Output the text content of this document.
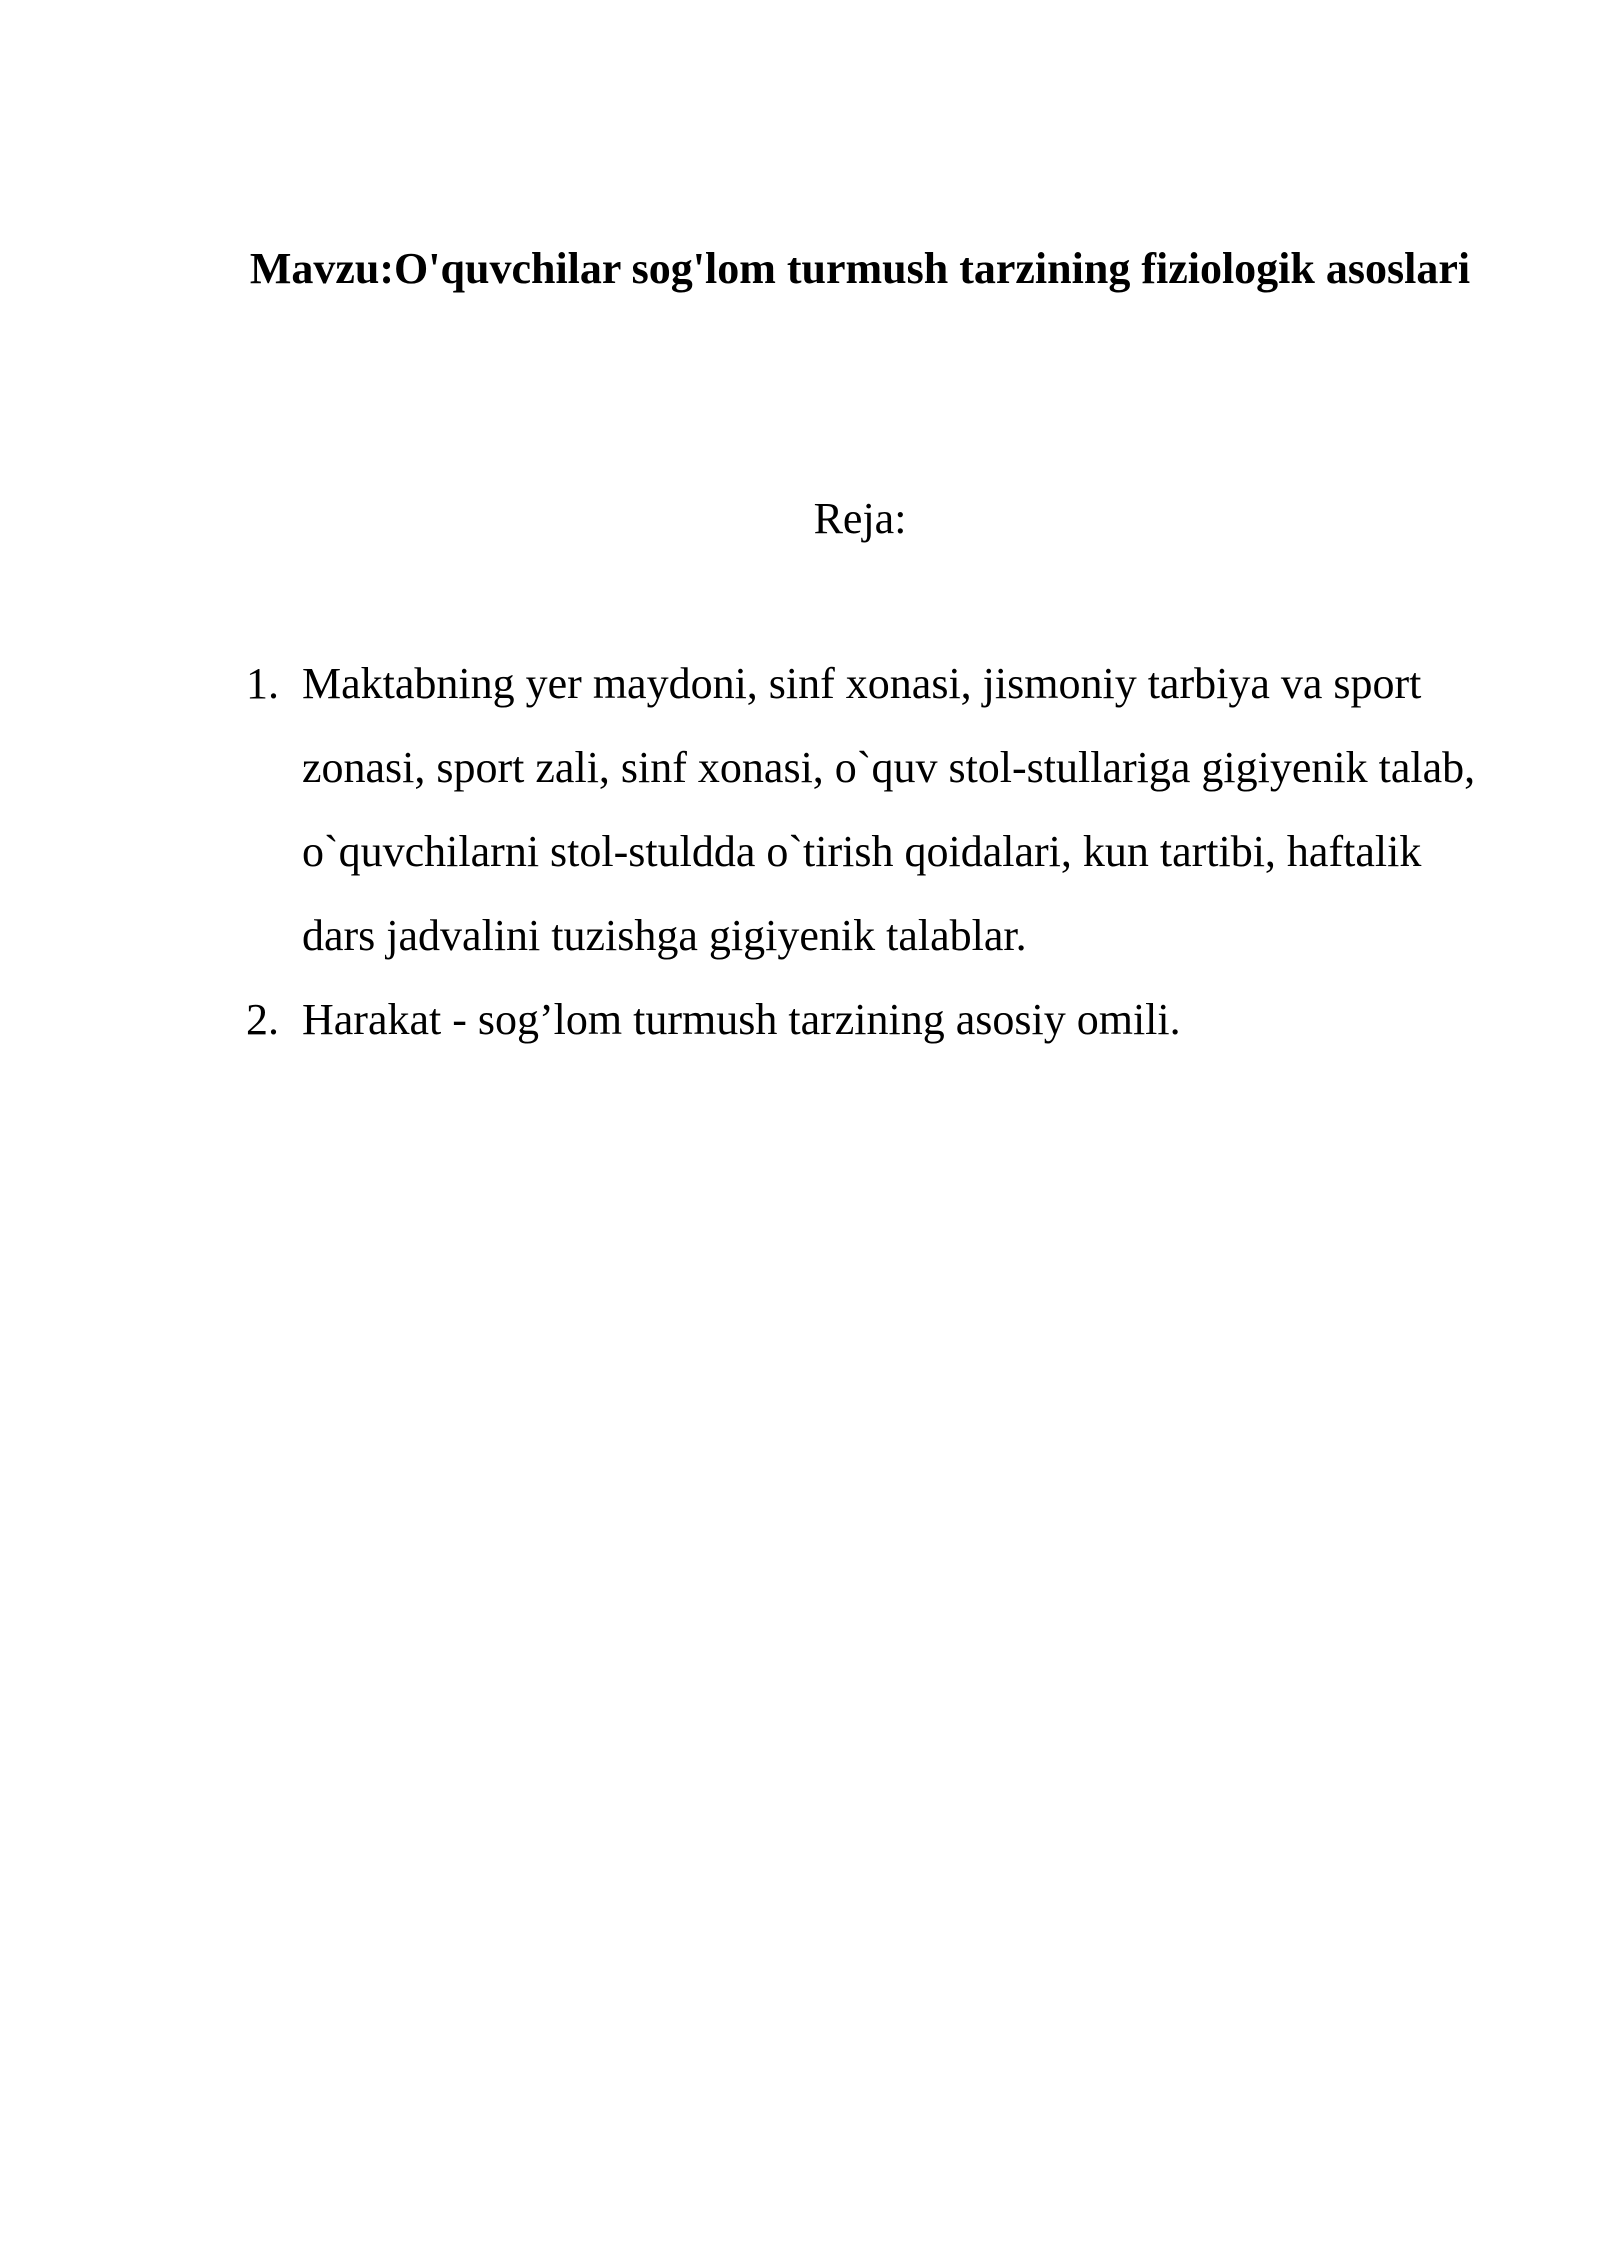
Mavzu:O'quvchilar sog'lom turmush tarzining fiziologik asoslari

Reja:

1. Maktabning yer maydoni, sinf xonasi, jismoniy tarbiya va sport zonasi, sport zali, sinf xonasi, o`quv stol-stullariga gigiyenik talab, o`quvchilarni stol-stuldda o`tirish qoidalari, kun tartibi, haftalik dars jadvalini tuzishga gigiyenik talablar.
2. Harakat - sog’lom turmush tarzining asosiy omili.
